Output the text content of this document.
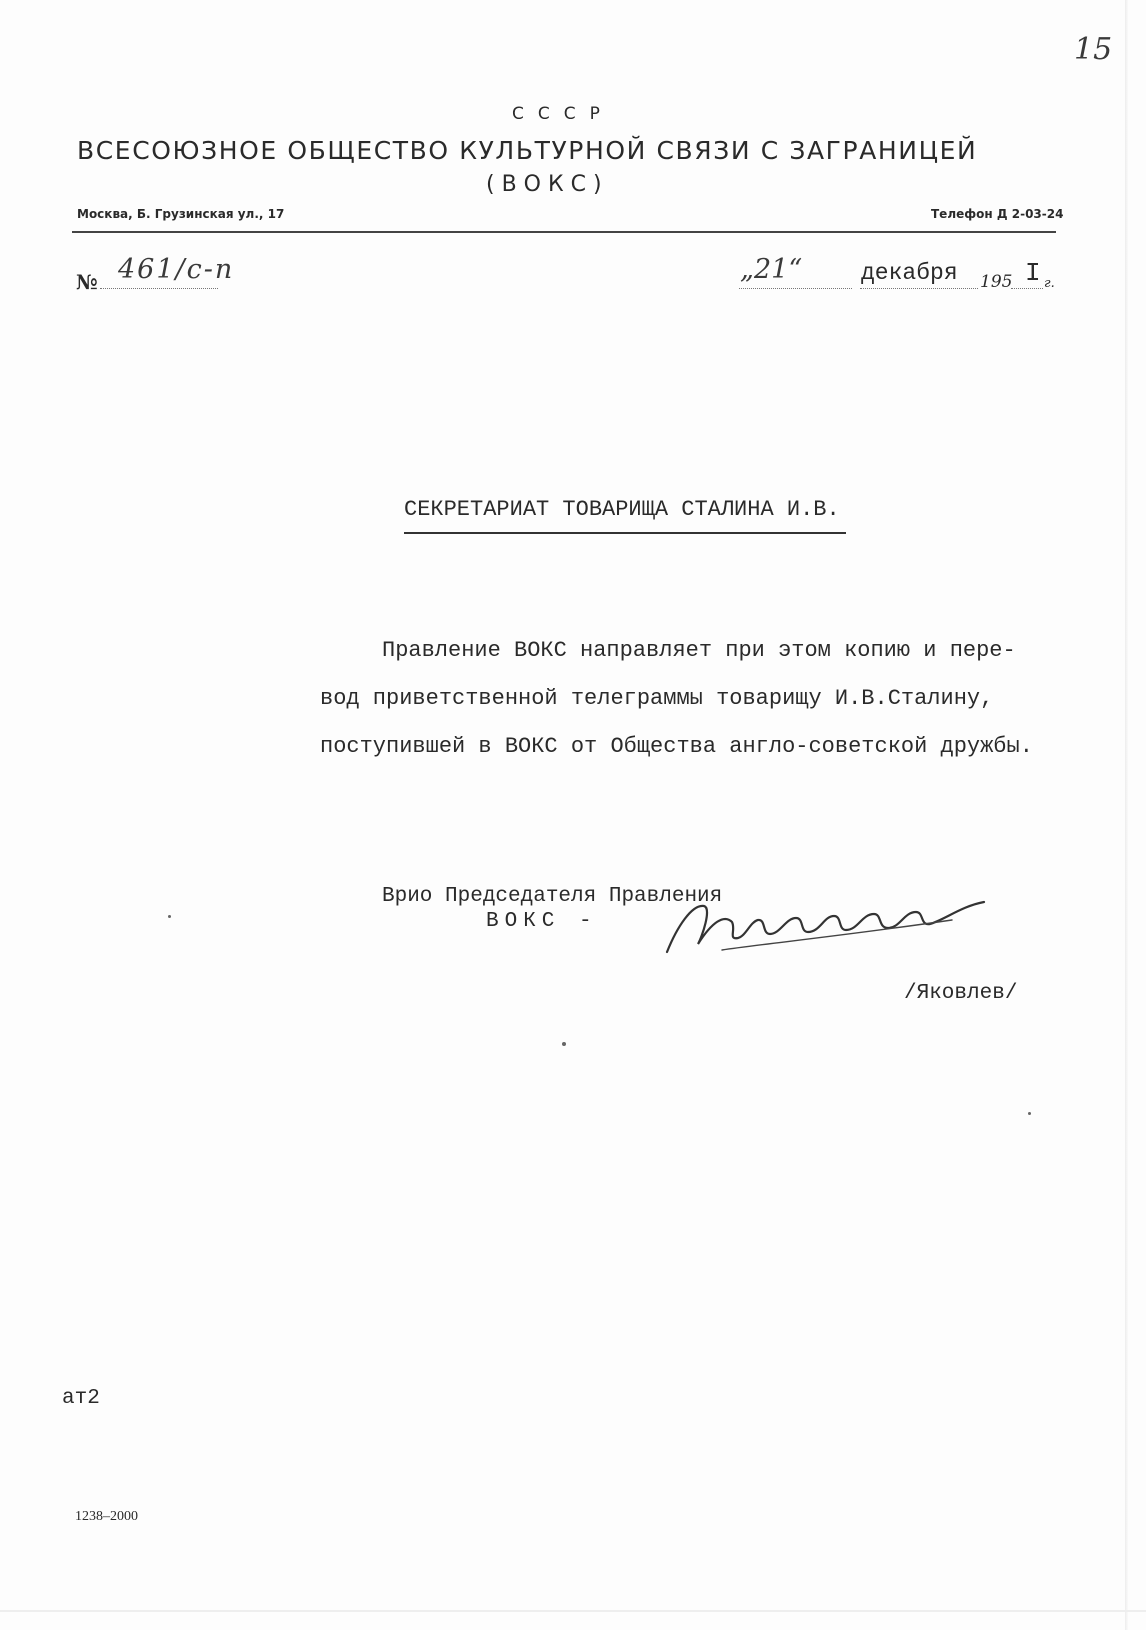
15
СССР
ВСЕСОЮЗНОЕ ОБЩЕСТВО КУЛЬТУРНОЙ СВЯЗИ С ЗАГРАНИЦЕЙ
(ВОКС)
Москва, Б. Грузинская ул., 17	Телефон Д 2-03-24
№ 461/с-п	„21“	декабря 195 I г.
СЕКРЕТАРИАТ ТОВАРИЩА СТАЛИНА И.В.
Правление ВОКС направляет при этом копию и пере-
вод приветственной телеграммы товарищу И.В.Сталину,
поступившей в ВОКС от Общества англо-советской дружбы.
Врио Председателя Правления
ВОКС -
/Яковлев/
ат2
1238–2000
